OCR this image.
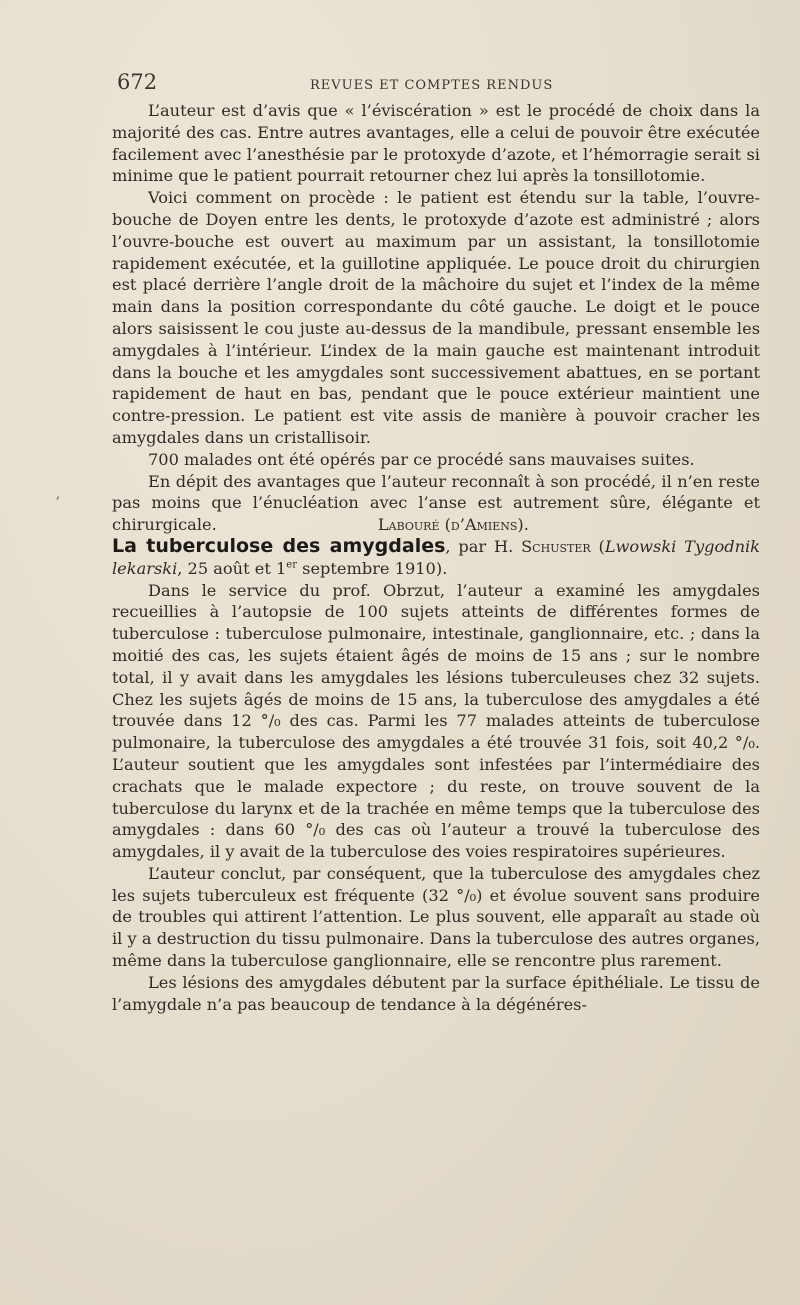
ʼ
672	REVUES ET COMPTES RENDUS

L’auteur est d’avis que « l’éviscération » est le procédé de choix dans la majorité des cas. Entre autres avantages, elle a celui de pouvoir être exécutée facilement avec l’anesthésie par le protoxyde d’azote, et l’hémorragie serait si minime que le patient pourrait retourner chez lui après la tonsillotomie.

Voici comment on procède : le patient est étendu sur la table, l’ouvre-bouche de Doyen entre les dents, le protoxyde d’azote est administré ; alors l’ouvre-bouche est ouvert au maximum par un assistant, la tonsillotomie rapidement exécutée, et la guillotine appliquée. Le pouce droit du chirurgien est placé derrière l’angle droit de la mâchoire du sujet et l’index de la même main dans la position correspondante du côté gauche. Le doigt et le pouce alors saisissent le cou juste au-dessus de la mandibule, pressant ensemble les amygdales à l’intérieur. L’index de la main gauche est maintenant introduit dans la bouche et les amygdales sont successivement abattues, en se portant rapidement de haut en bas, pendant que le pouce extérieur maintient une contre-pression. Le patient est vite assis de manière à pouvoir cracher les amygdales dans un cristallisoir.

700 malades ont été opérés par ce procédé sans mauvaises suites.

En dépit des avantages que l’auteur reconnaît à son procédé, il n’en reste pas moins que l’énucléation avec l’anse est autrement sûre, élégante et chirurgicale.	Labouré (d’Amiens).

La tuberculose des amygdales, par H. Schuster (Lwowski Tygodnik lekarski, 25 août et 1er septembre 1910).

Dans le service du prof. Obrzut, l’auteur a examiné les amygdales recueillies à l’autopsie de 100 sujets atteints de différentes formes de tuberculose : tuberculose pulmonaire, intestinale, ganglionnaire, etc. ; dans la moitié des cas, les sujets étaient âgés de moins de 15 ans ; sur le nombre total, il y avait dans les amygdales les lésions tuberculeuses chez 32 sujets. Chez les sujets âgés de moins de 15 ans, la tuberculose des amygdales a été trouvée dans 12 °/₀ des cas. Parmi les 77 malades atteints de tuberculose pulmonaire, la tuberculose des amygdales a été trouvée 31 fois, soit 40,2 °/₀. L’auteur soutient que les amygdales sont infestées par l’intermédiaire des crachats que le malade expectore ; du reste, on trouve souvent de la tuberculose du larynx et de la trachée en même temps que la tuberculose des amygdales : dans 60 °/₀ des cas où l’auteur a trouvé la tuberculose des amygdales, il y avait de la tuberculose des voies respiratoires supérieures.

L’auteur conclut, par conséquent, que la tuberculose des amygdales chez les sujets tuberculeux est fréquente (32 °/₀) et évolue souvent sans produire de troubles qui attirent l’attention. Le plus souvent, elle apparaît au stade où il y a destruction du tissu pulmonaire. Dans la tuberculose des autres organes, même dans la tuberculose ganglionnaire, elle se rencontre plus rarement.

Les lésions des amygdales débutent par la surface épithéliale. Le tissu de l’amygdale n’a pas beaucoup de tendance à la dégénéres-
